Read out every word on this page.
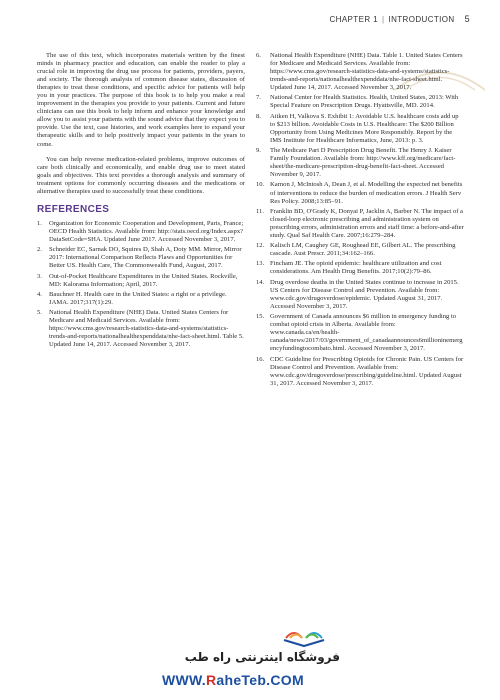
CHAPTER 1 | INTRODUCTION 5

The use of this text, which incorporates materials written by the finest minds in pharmacy practice and education, can enable the reader to play a crucial role in improving the drug use process for patients, providers, payers, and society. The thorough analysis of common disease states, discussion of therapies to treat these conditions, and specific advice for patients will help you in your practices. The purpose of this book is to help you make a real improvement in the therapies you provide to your patients. Current and future clinicians can use this book to help inform and enhance your knowledge and allow you to assist your patients with the sound advice that they expect you to provide. Use the text, case histories, and work examples here to expand your therapeutic skills and to help positively impact your patients in the years to come.

You can help reverse medication-related problems, improve outcomes of care both clinically and economically, and enable drug use to meet stated goals and objectives. This text provides a thorough analysis and summary of treatment options for commonly occurring diseases and the medications or alternative therapies used to successfully treat these conditions.

REFERENCES
1. Organization for Economic Cooperation and Development, Paris, France; OECD Health Statistics. Available from: http://stats.oecd.org/Index.aspx?DataSetCode=SHA. Updated June 2017. Accessed November 3, 2017.
2. Schneider EC, Sarnak DO, Squires D, Shah A, Doty MM. Mirror, Mirror 2017: International Comparison Reflects Flaws and Opportunities for Better US. Health Care, The Commonwealth Fund, August, 2017.
3. Out-of-Pocket Healthcare Expenditures in the United States. Rockville, MD: Kalorama Information; April, 2017.
4. Bauchner H. Health care in the United States: a right or a privilege. JAMA. 2017;317(1):29.
5. National Health Expenditure (NHE) Data. United States Centers for Medicare and Medicaid Services. Available from: https://www.cms.gov/research-statistics-data-and-systems/statistics-trends-and-reports/nationalhealthexpenddata/nhe-fact-sheet.html. Table 5. Updated June 14, 2017. Accessed November 3, 2017.
6. National Health Expenditure (NHE) Data. Table 1. United States Centers for Medicare and Medicaid Services. Available from: https://www.cms.gov/research-statistics-data-and-systems/statistics-trends-and-reports/nationalhealthexpenddata/nhe-fact-sheet.html. Updated June 14, 2017. Accessed November 3, 2017.
7. National Center for Health Statistics. Health, United States, 2013: With Special Feature on Prescription Drugs. Hyattsville, MD. 2014.
8. Aitken H, Valkova S. Exhibit 1: Avoidable U.S. healthcare costs add up to $213 billion. Avoidable Costs in U.S. Healthcare: The $200 Billion Opportunity from Using Medicines More Responsibly. Report by the IMS Institute for Healthcare Informatics, June, 2013: p. 3.
9. The Medicare Part D Prescription Drug Benefit. The Henry J. Kaiser Family Foundation. Available from: http://www.kff.org/medicare/fact-sheet/the-medicare-prescription-drug-benefit-fact-sheet. Accessed November 9, 2017.
10. Karnon J, McIntosh A, Dean J, et al. Modelling the expected net benefits of interventions to reduce the burden of medication errors. J Health Serv Res Policy. 2008;13:85–91.
11. Franklin BD, O'Grady K, Donyai P, Jacklin A, Barber N. The impact of a closed-loop electronic prescribing and administration system on prescribing errors, administration errors and staff time: a before-and-after study. Qual Saf Health Care. 2007;16:279–284.
12. Kalisch LM, Caughey GE, Roughead EE, Gilbert AL. The prescribing cascade. Aust Prescr. 2011;34:162–166.
13. Fincham JE. The opioid epidemic: healthcare utilization and cost considerations. Am Health Drug Benefits. 2017;10(2):79–86.
14. Drug overdose deaths in the United States continue to increase in 2015. US Centers for Disease Control and Prevention. Available from: www.cdc.gov/drugoverdose/epidemic. Updated August 31, 2017. Accessed November 3, 2017.
15. Government of Canada announces $6 million in emergency funding to combat opioid crisis in Alberta. Available from: www.canada.ca/en/health-canada/news/2017/03/government_of_canadaannounces6millioninemergencyfundingtocombato.html. Accessed November 3, 2017.
16. CDC Guideline for Prescribing Opioids for Chronic Pain. US Centers for Disease Control and Prevention. Available from: www.cdc.gov/drugoverdose/prescribing/guideline.html. Updated August 31, 2017. Accessed November 3, 2017.
فروشگاه اینترنتی راه طب
WWW.RaheTeb.COM
